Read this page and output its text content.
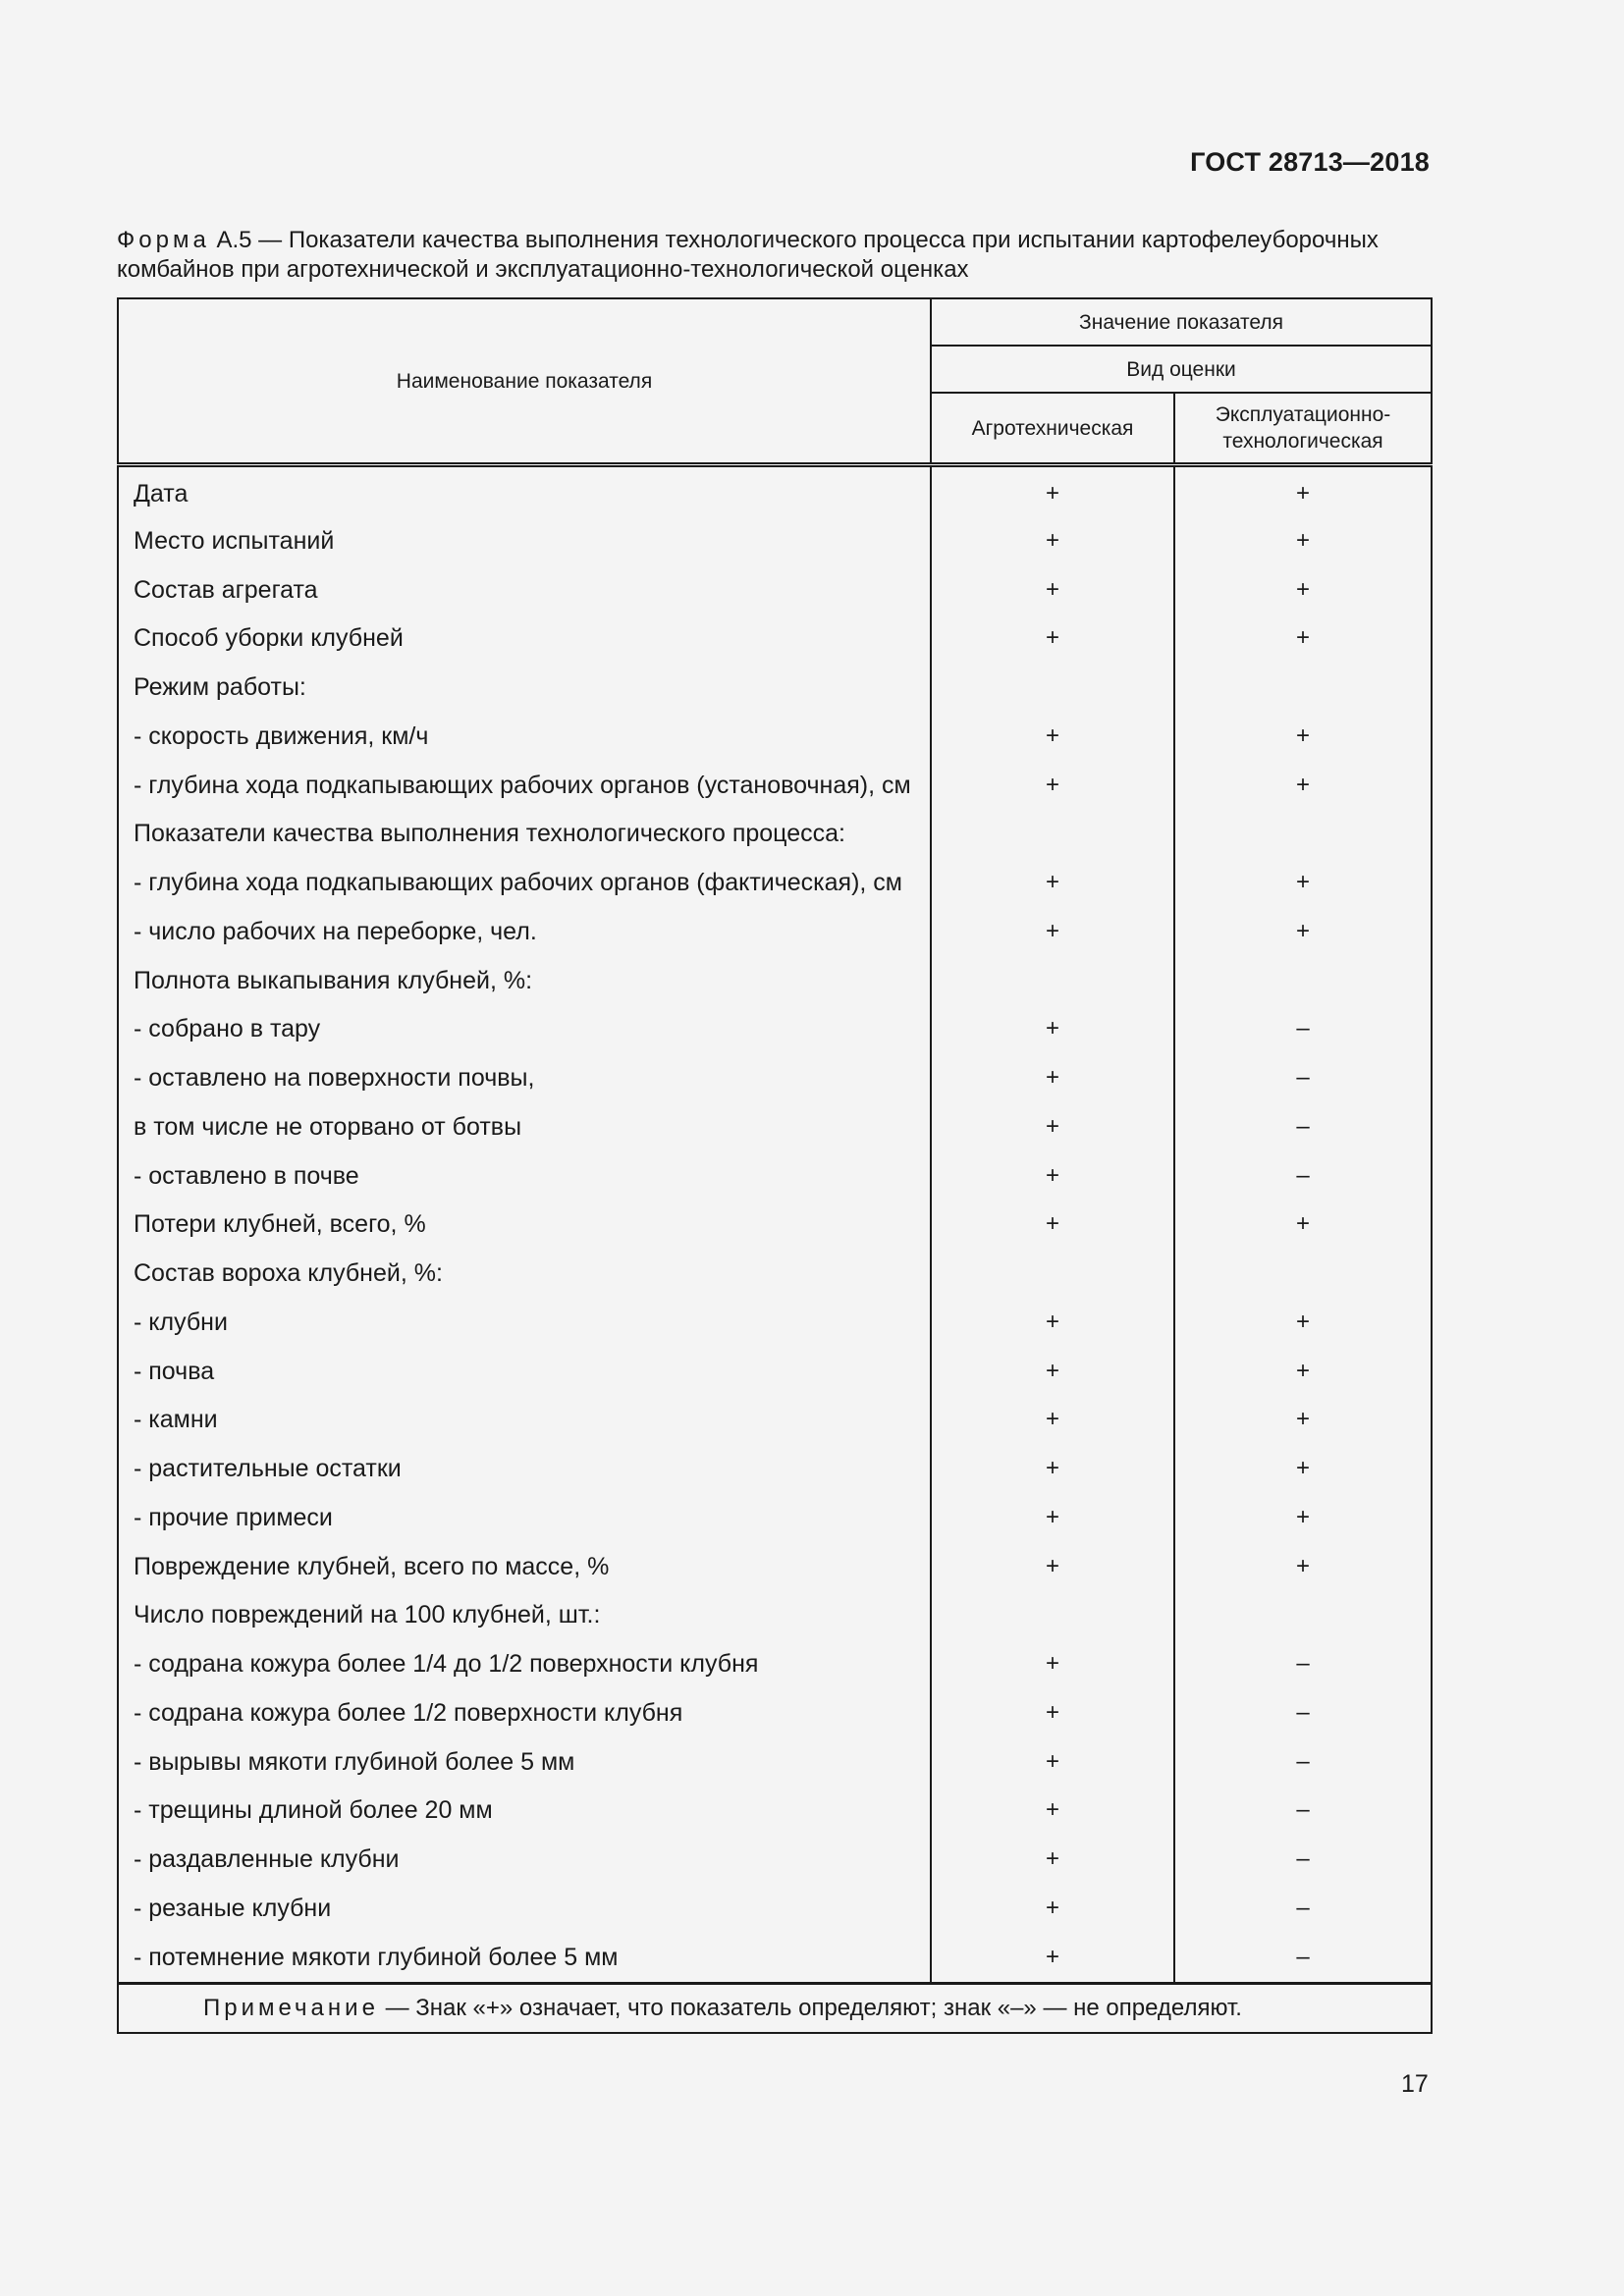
ГОСТ 28713—2018
Форма А.5 — Показатели качества выполнения технологического процесса при испытании картофелеуборочных комбайнов при агротехнической и эксплуатационно-технологической оценках
Наименование показателя	Значение показателя	
	Вид оценки	
	Агротехническая	Эксплуатационно-
технологическая
Дата	+	+
Место испытаний	+	+
Состав агрегата	+	+
Способ уборки клубней	+	+
Режим работы:		
- скорость движения, км/ч	+	+
- глубина хода подкапывающих рабочих органов (установочная), см	+	+
Показатели качества выполнения технологического процесса:		
- глубина хода подкапывающих рабочих органов (фактическая), см	+	+
- число рабочих на переборке, чел.	+	+
Полнота выкапывания клубней, %:		
- собрано в тару	+	–
- оставлено на поверхности почвы,	+	–
в том числе не оторвано от ботвы	+	–
- оставлено в почве	+	–
Потери клубней, всего, %	+	+
Состав вороха клубней, %:		
- клубни	+	+
- почва	+	+
- камни	+	+
- растительные остатки	+	+
- прочие примеси	+	+
Повреждение клубней, всего по массе, %	+	+
Число повреждений на 100 клубней, шт.:		
- содрана кожура более 1/4 до 1/2 поверхности клубня	+	–
- содрана кожура более 1/2 поверхности клубня	+	–
- вырывы мякоти глубиной более 5 мм	+	–
- трещины длиной более 20 мм	+	–
- раздавленные клубни	+	–
- резаные клубни	+	–
- потемнение мякоти глубиной более 5 мм	+	–
Примечание — Знак «+» означает, что показатель определяют; знак «–» — не определяют.		
17
